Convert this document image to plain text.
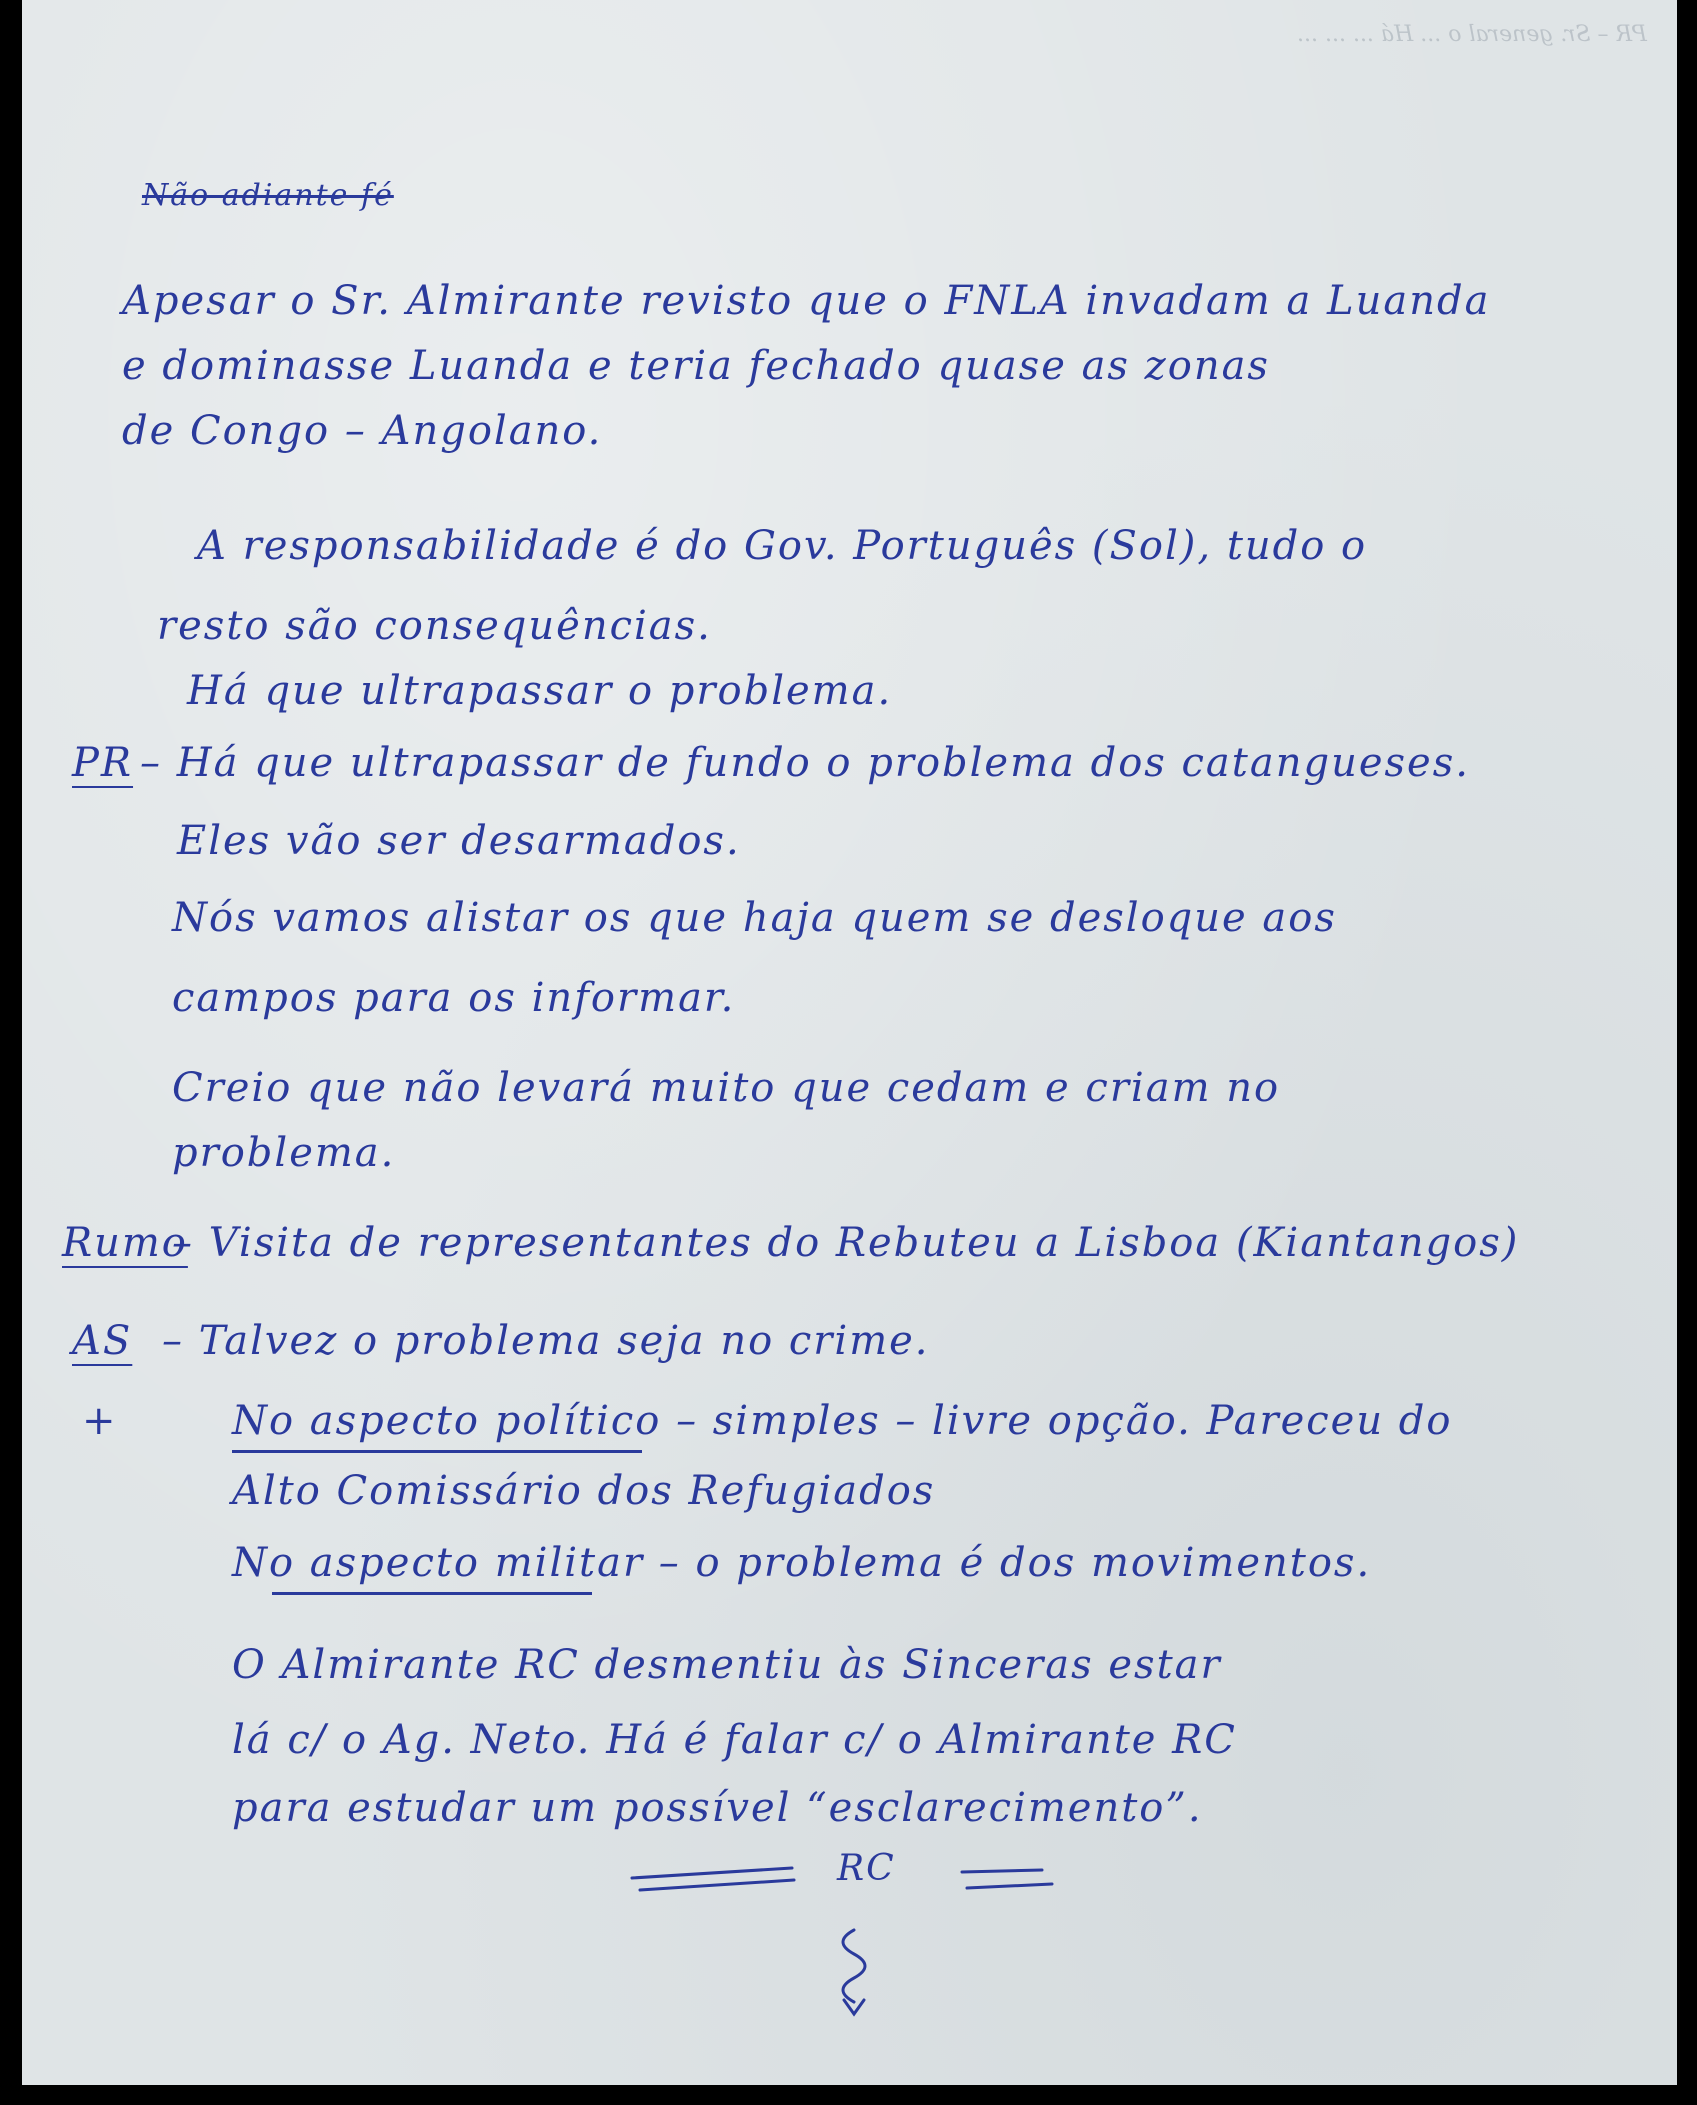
PR – Sr. general o ... Há ... ... ...
Não adiante fé
Apesar o Sr. Almirante revisto que o FNLA invadam a Luanda
e dominasse Luanda e teria fechado quase as zonas
de Congo – Angolano.
A responsabilidade é do Gov. Português (Sol), tudo o
resto são consequências.
Há que ultrapassar o problema.
PR – Há que ultrapassar de fundo o problema dos catangueses.
Eles vão ser desarmados.
Nós vamos alistar os que haja quem se desloque aos
campos para os informar.
Creio que não levará muito que cedam e criam no
problema.
Rumo
– Visita de representantes do Rebuteu a Lisboa (Kiantangos)
AS – Talvez o problema seja no crime.
+	No aspecto político – simples – livre opção. Pareceu do
Alto Comissário dos Refugiados
No aspecto militar – o problema é dos movimentos.
O Almirante RC desmentiu às Sinceras estar
lá c/ o Ag. Neto. Há é falar c/ o Almirante RC
para estudar um possível “esclarecimento”.
RC
